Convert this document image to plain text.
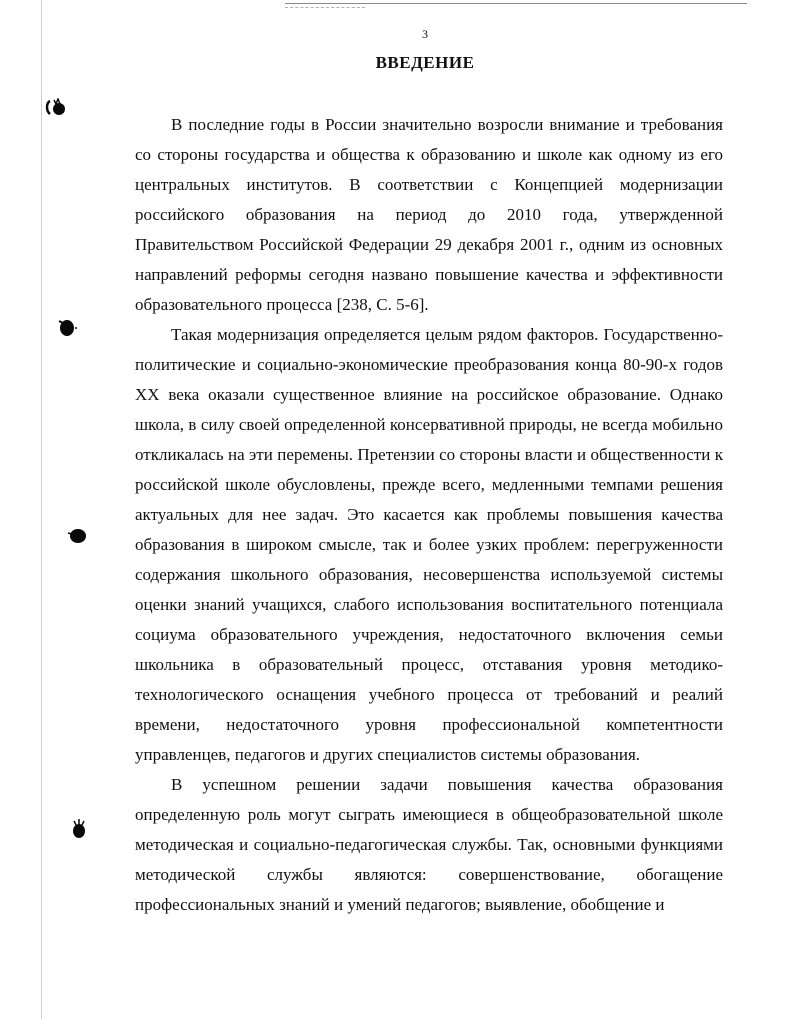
3
ВВЕДЕНИЕ

В последние годы в России значительно возросли внимание и требования со стороны государства и общества к образованию и школе как одному из его центральных институтов. В соответствии с Концепцией модернизации российского образования на период до 2010 года, утвержденной Правительством Российской Федерации 29 декабря 2001 г., одним из основных направлений реформы сегодня названо повышение качества и эффективности образовательного процесса [238, С. 5-6].

Такая модернизация определяется целым рядом факторов. Государственно-политические и социально-экономические преобразования конца 80-90-х годов XX века оказали существенное влияние на российское образование. Однако школа, в силу своей определенной консервативной природы, не всегда мобильно откликалась на эти перемены. Претензии со стороны власти и общественности к российской школе обусловлены, прежде всего, медленными темпами решения актуальных для нее задач. Это касается как проблемы повышения качества образования в широком смысле, так и более узких проблем: перегруженности содержания школьного образования, несовершенства используемой системы оценки знаний учащихся, слабого использования воспитательного потенциала социума образовательного учреждения, недостаточного включения семьи школьника в образовательный процесс, отставания уровня методико-технологического оснащения учебного процесса от требований и реалий времени, недостаточного уровня профессиональной компетентности управленцев, педагогов и других специалистов системы образования.

В успешном решении задачи повышения качества образования определенную роль могут сыграть имеющиеся в общеобразовательной школе методическая и социально-педагогическая службы. Так, основными функциями методической службы являются: совершенствование, обогащение профессиональных знаний и умений педагогов; выявление, обобщение и
